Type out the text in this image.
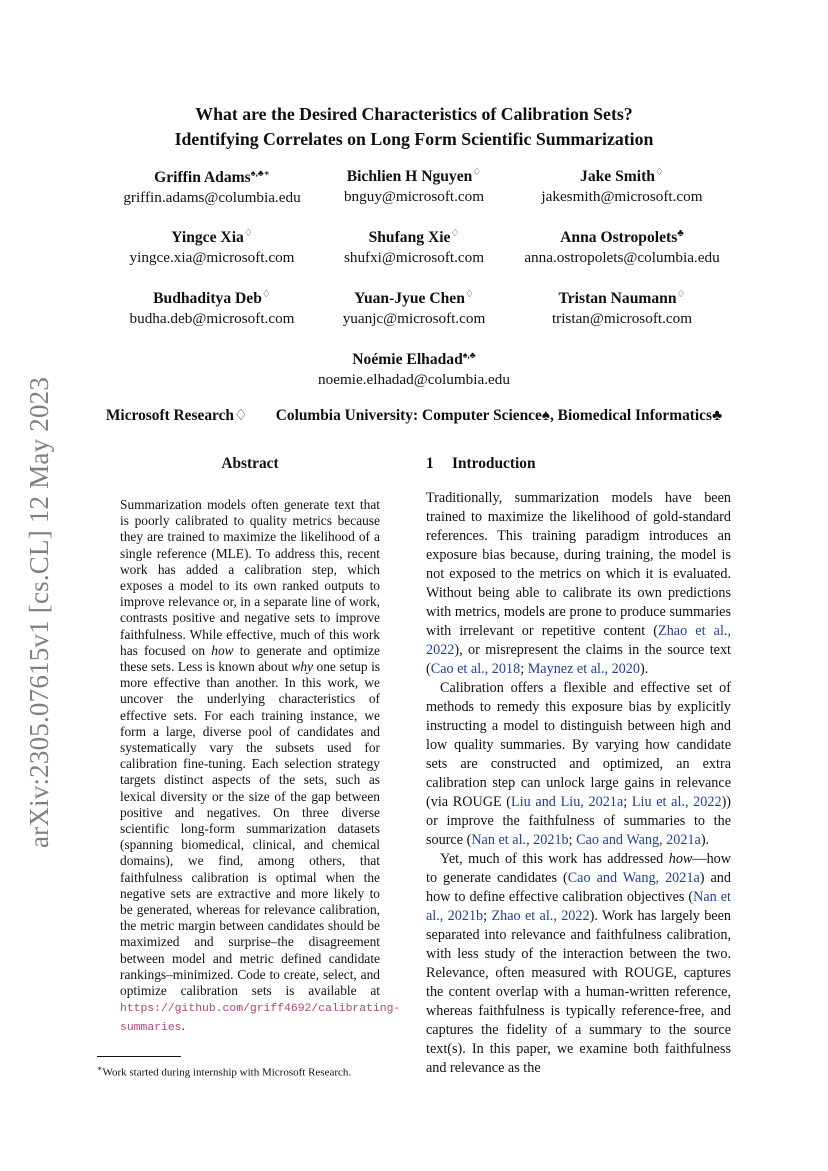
What are the Desired Characteristics of Calibration Sets?
Identifying Correlates on Long Form Scientific Summarization
Griffin Adams♠,♣∗
griffin.adams@columbia.edu
Bichlien H Nguyen♢
bnguy@microsoft.com
Jake Smith♢
jakesmith@microsoft.com
Yingce Xia♢
yingce.xia@microsoft.com
Shufang Xie♢
shufxi@microsoft.com
Anna Ostropolets♣
anna.ostropolets@columbia.edu
Budhaditya Deb♢
budha.deb@microsoft.com
Yuan-Jyue Chen♢
yuanjc@microsoft.com
Tristan Naumann♢
tristan@microsoft.com
Noémie Elhadad♠,♣
noemie.elhadad@columbia.edu
Microsoft Research♢ Columbia University: Computer Science♠, Biomedical Informatics♣
arXiv:2305.07615v1 [cs.CL] 12 May 2023	Abstract
Summarization models often generate text that is poorly calibrated to quality metrics because they are trained to maximize the likelihood of a single reference (MLE). To address this, recent work has added a calibration step, which exposes a model to its own ranked outputs to improve relevance or, in a separate line of work, contrasts positive and negative sets to improve faithfulness. While effective, much of this work has focused on how to generate and optimize these sets. Less is known about why one setup is more effective than another. In this work, we uncover the underlying characteristics of effective sets. For each training instance, we form a large, diverse pool of candidates and systematically vary the subsets used for calibration fine-tuning. Each selection strategy targets distinct aspects of the sets, such as lexical diversity or the size of the gap between positive and negatives. On three diverse scientific long-form summarization datasets (spanning biomedical, clinical, and chemical domains), we find, among others, that faithfulness calibration is optimal when the negative sets are extractive and more likely to be generated, whereas for relevance calibration, the metric margin between candidates should be maximized and surprise–the disagreement between model and metric defined candidate rankings–minimized. Code to create, select, and optimize calibration sets is available at https://github.com/griff4692/calibrating-summaries.
1 Introduction

Traditionally, summarization models have been trained to maximize the likelihood of gold-standard references. This training paradigm introduces an exposure bias because, during training, the model is not exposed to the metrics on which it is evaluated. Without being able to calibrate its own predictions with metrics, models are prone to produce summaries with irrelevant or repetitive content (Zhao et al., 2022), or misrepresent the claims in the source text (Cao et al., 2018; Maynez et al., 2020).

Calibration offers a flexible and effective set of methods to remedy this exposure bias by explicitly instructing a model to distinguish between high and low quality summaries. By varying how candidate sets are constructed and optimized, an extra calibration step can unlock large gains in relevance (via ROUGE (Liu and Liu, 2021a; Liu et al., 2022)) or improve the faithfulness of summaries to the source (Nan et al., 2021b; Cao and Wang, 2021a).

Yet, much of this work has addressed how—how to generate candidates (Cao and Wang, 2021a) and how to define effective calibration objectives (Nan et al., 2021b; Zhao et al., 2022). Work has largely been separated into relevance and faithfulness calibration, with less study of the interaction between the two. Relevance, often measured with ROUGE, captures the content overlap with a human-written reference, whereas faithfulness is typically reference-free, and captures the fidelity of a summary to the source text(s). In this paper, we examine both faithfulness and relevance as the

∗Work started during internship with Microsoft Research.
